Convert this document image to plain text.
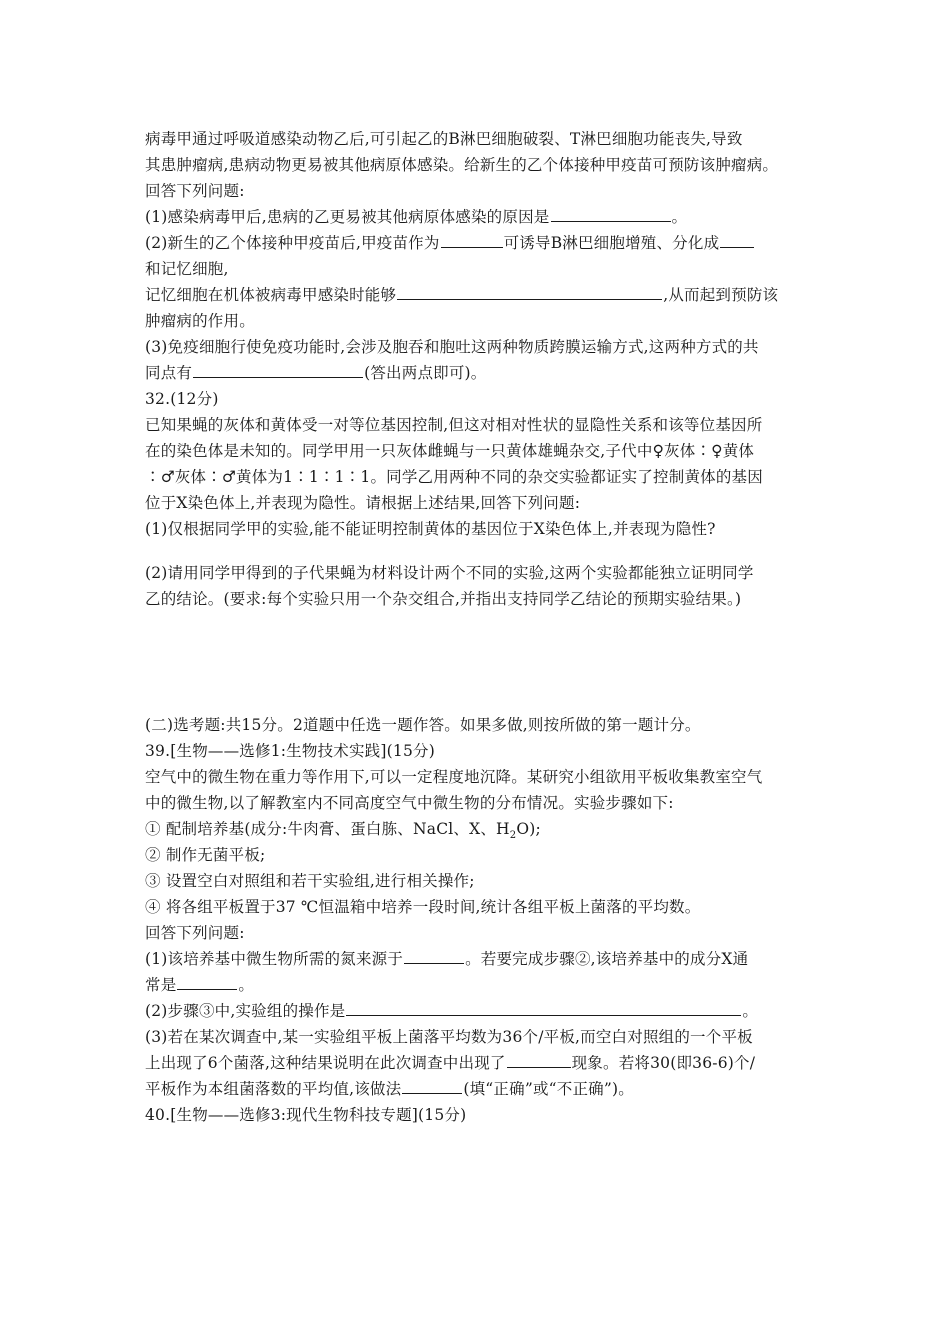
病毒甲通过呼吸道感染动物乙后,可引起乙的B淋巴细胞破裂、T淋巴细胞功能丧失,导致
其患肿瘤病,患病动物更易被其他病原体感染。给新生的乙个体接种甲疫苗可预防该肿瘤病。
回答下列问题:
(1)感染病毒甲后,患病的乙更易被其他病原体感染的原因是	。
(2)新生的乙个体接种甲疫苗后,甲疫苗作为	可诱导B淋巴细胞增殖、分化成
和记忆细胞,
记忆细胞在机体被病毒甲感染时能够	,从而起到预防该
肿瘤病的作用。
(3)免疫细胞行使免疫功能时,会涉及胞吞和胞吐这两种物质跨膜运输方式,这两种方式的共
同点有	(答出两点即可)。
32.(12分)
已知果蝇的灰体和黄体受一对等位基因控制,但这对相对性状的显隐性关系和该等位基因所
在的染色体是未知的。同学甲用一只灰体雌蝇与一只黄体雄蝇杂交,子代中♀灰体∶♀黄体
∶♂灰体∶♂黄体为1∶1∶1∶1。同学乙用两种不同的杂交实验都证实了控制黄体的基因
位于X染色体上,并表现为隐性。请根据上述结果,回答下列问题:
(1)仅根据同学甲的实验,能不能证明控制黄体的基因位于X染色体上,并表现为隐性?
(2)请用同学甲得到的子代果蝇为材料设计两个不同的实验,这两个实验都能独立证明同学
乙的结论。(要求:每个实验只用一个杂交组合,并指出支持同学乙结论的预期实验结果。)
(二)选考题:共15分。2道题中任选一题作答。如果多做,则按所做的第一题计分。
39.[生物——选修1:生物技术实践](15分)
空气中的微生物在重力等作用下,可以一定程度地沉降。某研究小组欲用平板收集教室空气
中的微生物,以了解教室内不同高度空气中微生物的分布情况。实验步骤如下:
① 配制培养基(成分:牛肉膏、蛋白胨、NaCl、X、$H_2O$);
② 制作无菌平板;
③ 设置空白对照组和若干实验组,进行相关操作;
④ 将各组平板置于37 ℃恒温箱中培养一段时间,统计各组平板上菌落的平均数。
回答下列问题:
(1)该培养基中微生物所需的氮来源于	。若要完成步骤②,该培养基中的成分X通
常是	。
(2)步骤③中,实验组的操作是	。
(3)若在某次调查中,某一实验组平板上菌落平均数为36个/平板,而空白对照组的一个平板
上出现了6个菌落,这种结果说明在此次调查中出现了	现象。若将30(即36-6)个/
平板作为本组菌落数的平均值,该做法	(填“正确”或“不正确”)。
40.[生物——选修3:现代生物科技专题](15分)
